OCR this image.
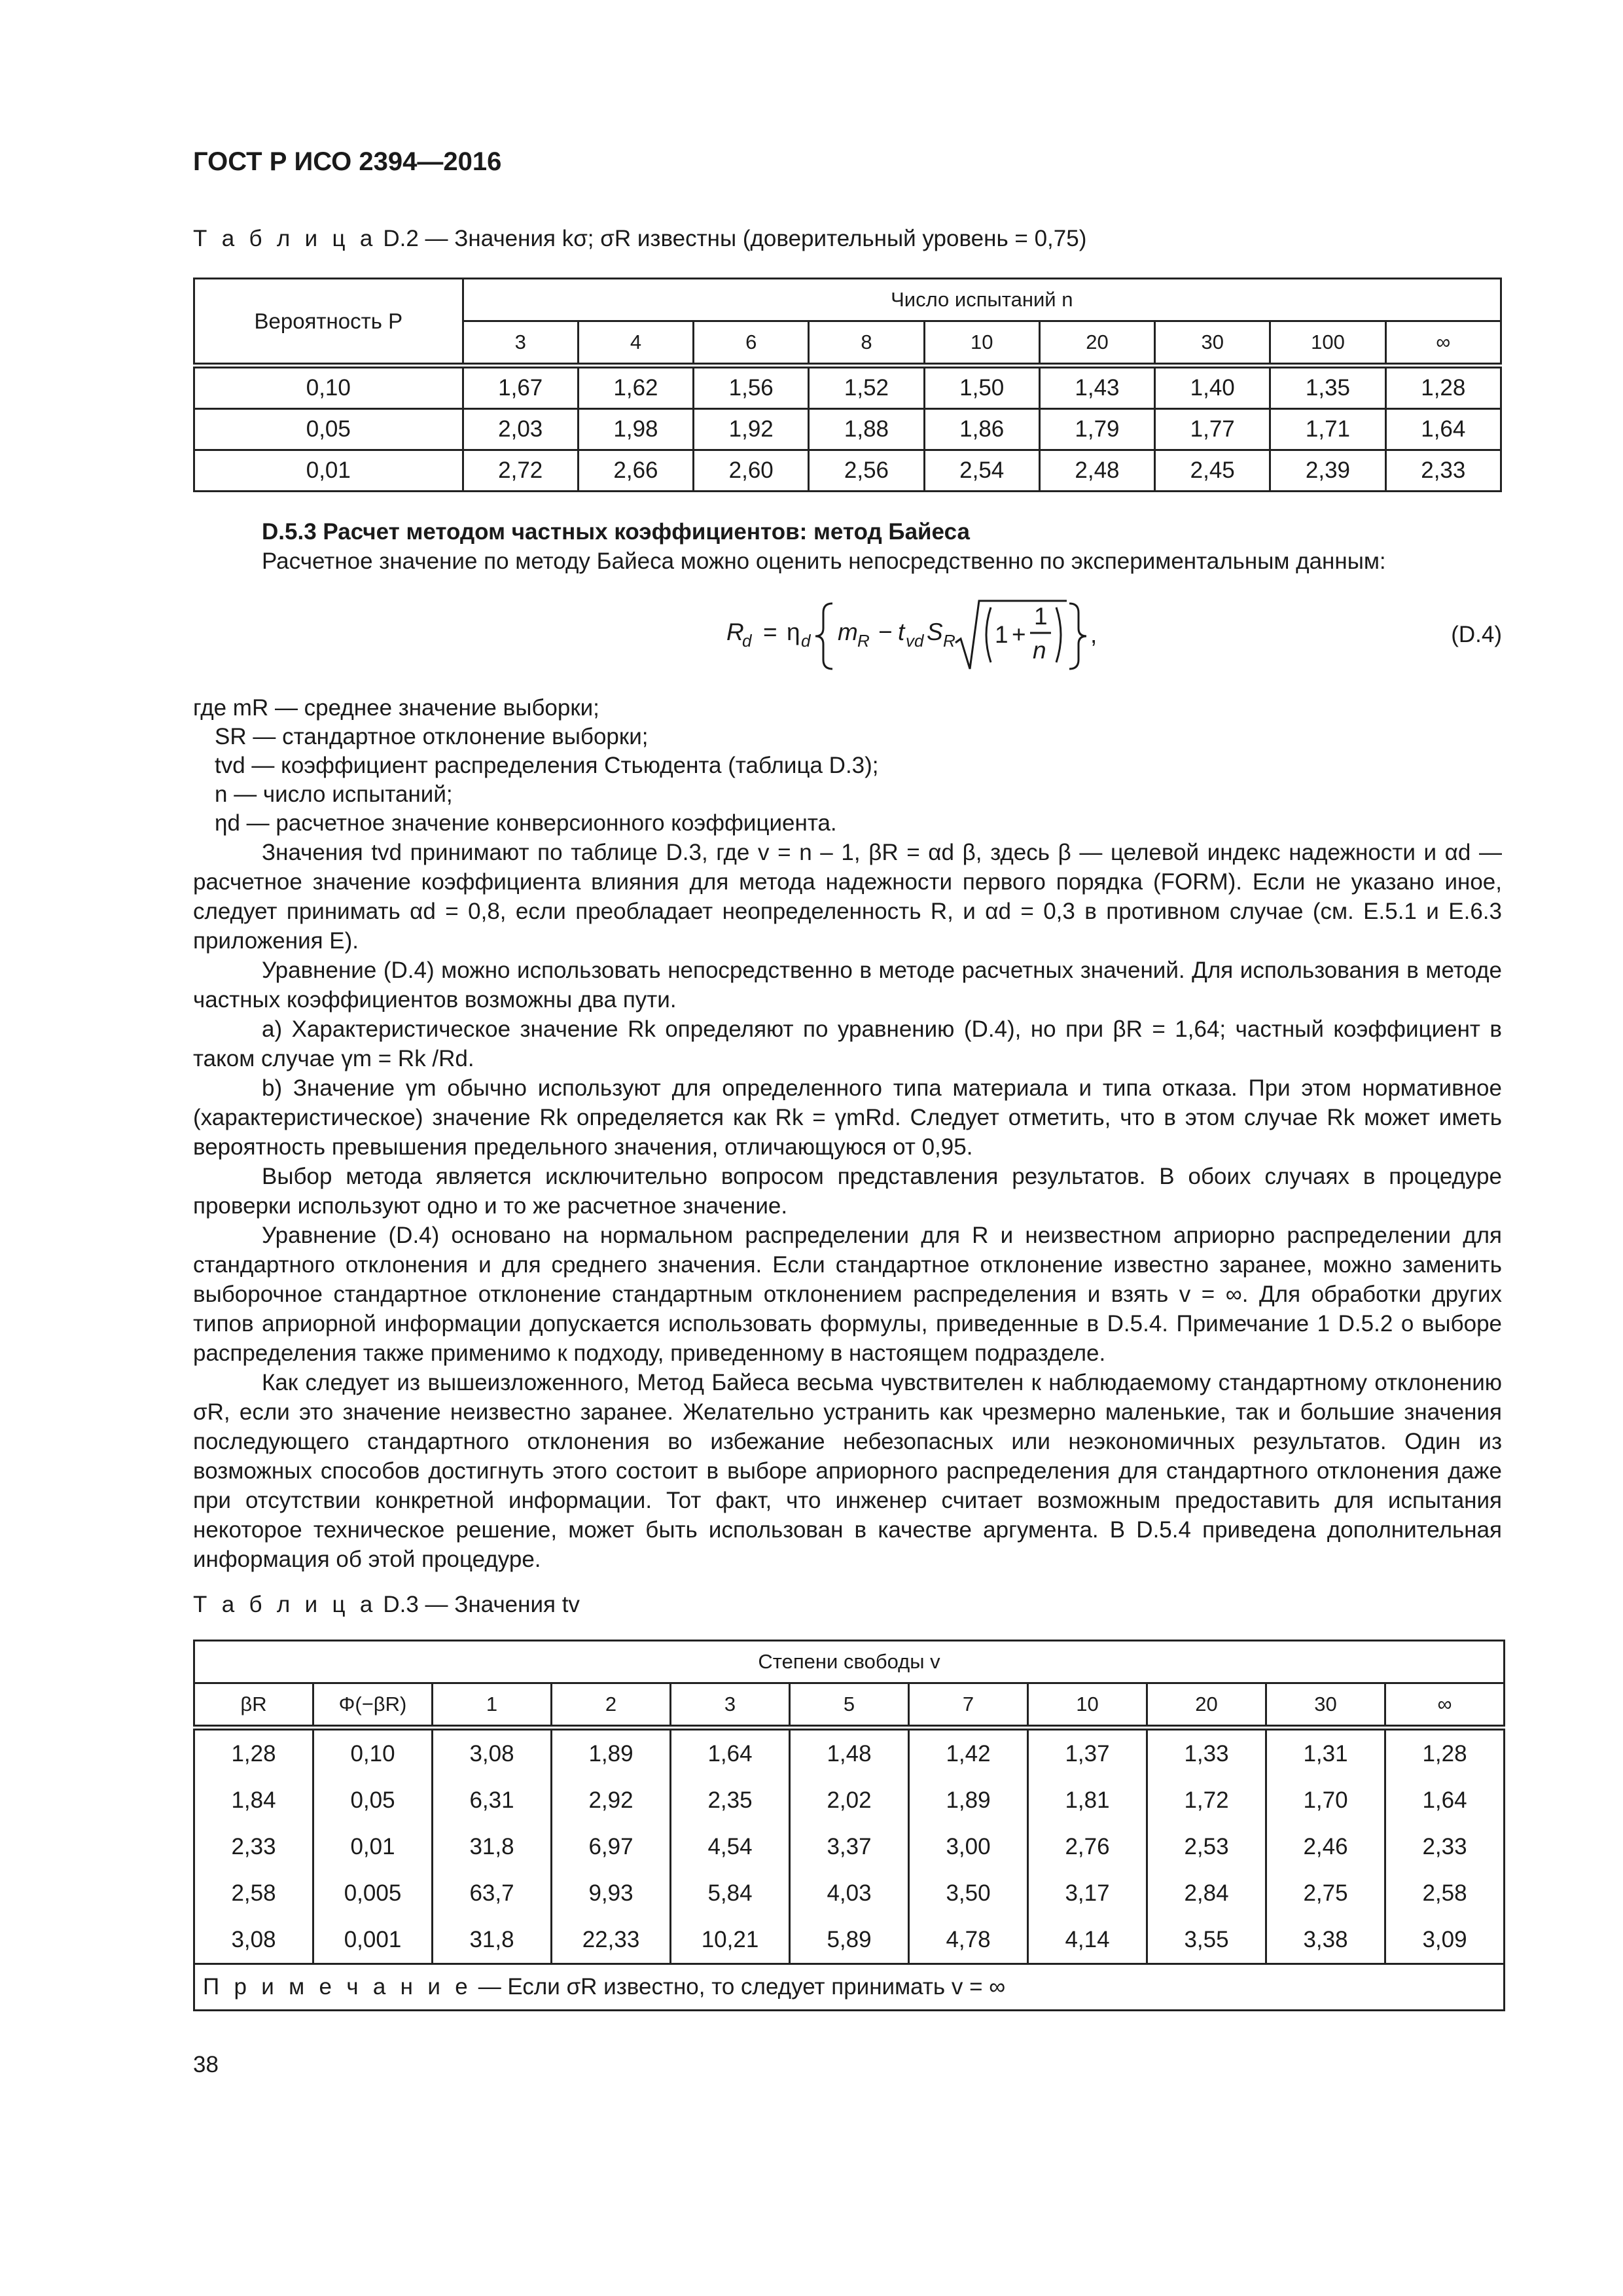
ГОСТ Р ИСО 2394—2016

Т а б л и ц а D.2 — Значения kσ; σR известны (доверительный уровень = 0,75)

Вероятность P	Число испытаний n								
	3	4	6	8	10	20	30	100	∞
0,10	1,67	1,62	1,56	1,52	1,50	1,43	1,40	1,35	1,28
0,05	2,03	1,98	1,92	1,88	1,86	1,79	1,77	1,71	1,64
0,01	2,72	2,66	2,60	2,56	2,54	2,48	2,45	2,39	2,33

D.5.3 Расчет методом частных коэффициентов: метод Байеса

Расчетное значение по методу Байеса можно оценить непосредственно по экспериментальным данным:

R
d = η d m R − t vd S R 1 +
1
n
,	(D.4)

где mR — среднее значение выборки;

SR — стандартное отклонение выборки;

tvd — коэффициент распределения Стьюдента (таблица D.3);

n — число испытаний;

ηd — расчетное значение конверсионного коэффициента.

Значения tvd принимают по таблице D.3, где v = n – 1, βR = αd β, здесь β — целевой индекс надежности и αd — расчетное значение коэффициента влияния для метода надежности первого порядка (FORM). Если не указано иное, следует принимать αd = 0,8, если преобладает неопределенность R, и αd = 0,3 в противном случае (см. E.5.1 и E.6.3 приложения E).

Уравнение (D.4) можно использовать непосредственно в методе расчетных значений. Для использования в методе частных коэффициентов возможны два пути.

a) Характеристическое значение Rk определяют по уравнению (D.4), но при βR = 1,64; частный коэффициент в таком случае γm = Rk /Rd.

b) Значение γm обычно используют для определенного типа материала и типа отказа. При этом нормативное (характеристическое) значение Rk определяется как Rk = γmRd. Следует отметить, что в этом случае Rk может иметь вероятность превышения предельного значения, отличающуюся от 0,95.

Выбор метода является исключительно вопросом представления результатов. В обоих случаях в процедуре проверки используют одно и то же расчетное значение.

Уравнение (D.4) основано на нормальном распределении для R и неизвестном априорно распределении для стандартного отклонения и для среднего значения. Если стандартное отклонение известно заранее, можно заменить выборочное стандартное отклонение стандартным отклонением распределения и взять v = ∞. Для обработки других типов априорной информации допускается использовать формулы, приведенные в D.5.4. Примечание 1 D.5.2 о выборе распределения также применимо к подходу, приведенному в настоящем подразделе.

Как следует из вышеизложенного, Метод Байеса весьма чувствителен к наблюдаемому стандартному отклонению σR, если это значение неизвестно заранее. Желательно устранить как чрезмерно маленькие, так и большие значения последующего стандартного отклонения во избежание небезопасных или неэкономичных результатов. Один из возможных способов достигнуть этого состоит в выборе априорного распределения для стандартного отклонения даже при отсутствии конкретной информации. Тот факт, что инженер считает возможным предоставить для испытания некоторое техническое решение, может быть использован в качестве аргумента. В D.5.4 приведена дополнительная информация об этой процедуре.

Т а б л и ц а D.3 — Значения tv

Степени свободы v										
βR	Φ(−βR)	1	2	3	5	7	10	20	30	∞
1,28	0,10	3,08	1,89	1,64	1,48	1,42	1,37	1,33	1,31	1,28
1,84	0,05	6,31	2,92	2,35	2,02	1,89	1,81	1,72	1,70	1,64
2,33	0,01	31,8	6,97	4,54	3,37	3,00	2,76	2,53	2,46	2,33
2,58	0,005	63,7	9,93	5,84	4,03	3,50	3,17	2,84	2,75	2,58
3,08	0,001	31,8	22,33	10,21	5,89	4,78	4,14	3,55	3,38	3,09
П р и м е ч а н и е — Если σR известно, то следует принимать v = ∞										

38
